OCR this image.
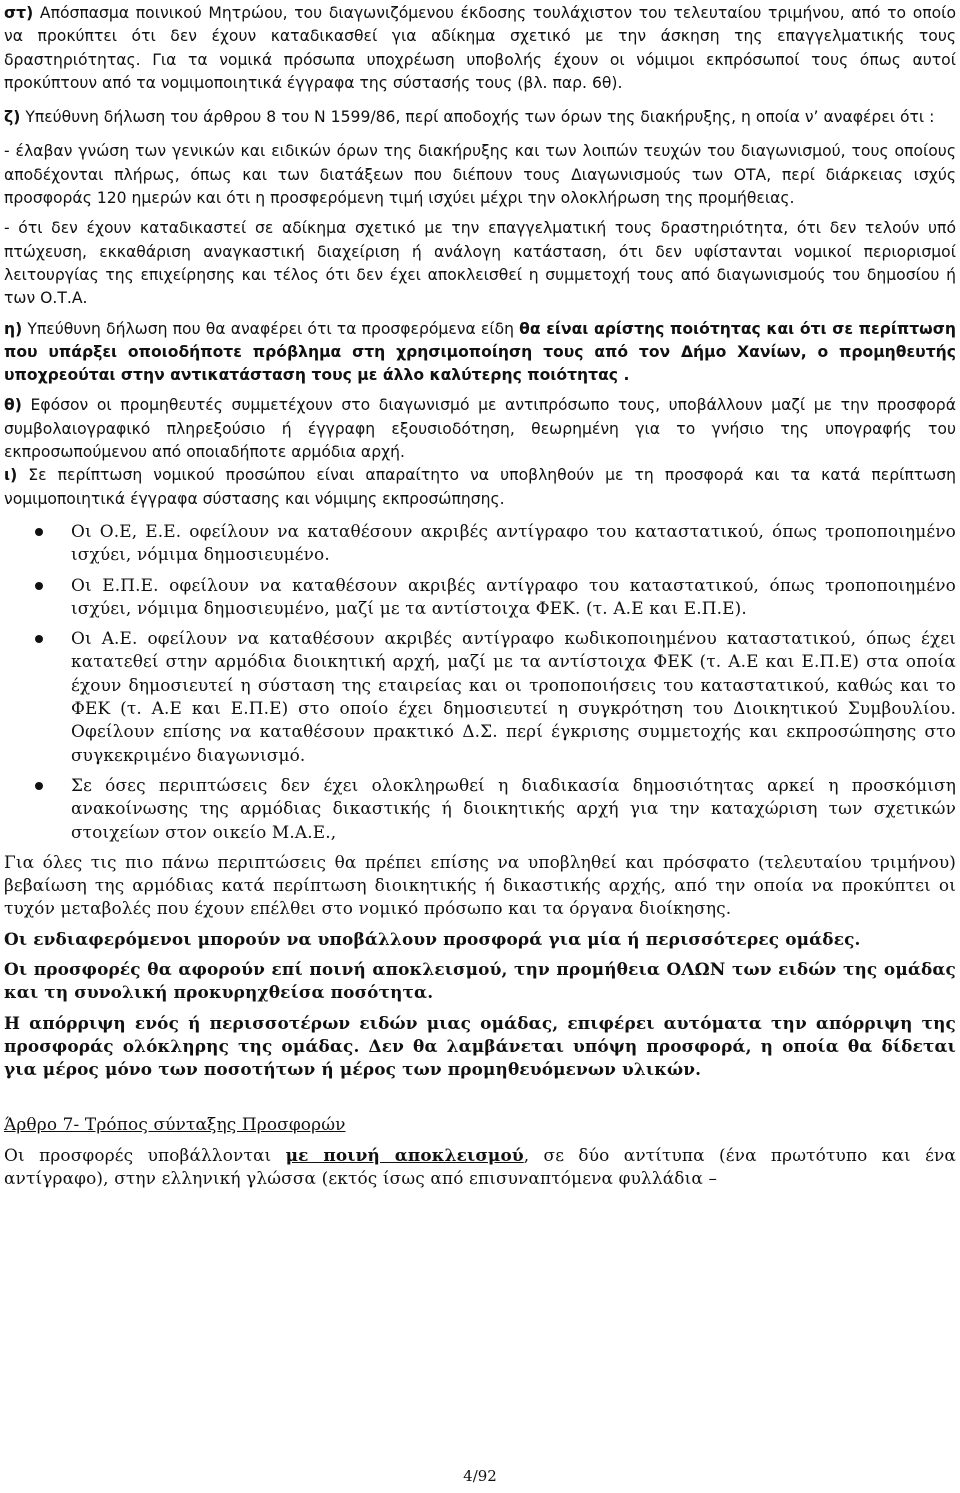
στ) Απόσπασμα ποινικού Μητρώου, του διαγωνιζόμενου έκδοσης τουλάχιστον του τελευταίου τριμήνου, από το οποίο να προκύπτει ότι δεν έχουν καταδικασθεί για αδίκημα σχετικό με την άσκηση της επαγγελματικής τους δραστηριότητας. Για τα νομικά πρόσωπα υποχρέωση υποβολής έχουν οι νόμιμοι εκπρόσωποί τους όπως αυτοί προκύπτουν από τα νομιμοποιητικά έγγραφα της σύστασής τους (βλ. παρ. 6θ).

ζ) Υπεύθυνη δήλωση του άρθρου 8 του Ν 1599/86, περί αποδοχής των όρων της διακήρυξης, η οποία ν’ αναφέρει ότι :

- έλαβαν γνώση των γενικών και ειδικών όρων της διακήρυξης και των λοιπών τευχών του διαγωνισμού, τους οποίους αποδέχονται πλήρως, όπως και των διατάξεων που διέπουν τους Διαγωνισμούς των ΟΤΑ, περί διάρκειας ισχύς προσφοράς 120 ημερών και ότι η προσφερόμενη τιμή ισχύει μέχρι την ολοκλήρωση της προμήθειας.

- ότι δεν έχουν καταδικαστεί σε αδίκημα σχετικό με την επαγγελματική τους δραστηριότητα, ότι δεν τελούν υπό πτώχευση, εκκαθάριση αναγκαστική διαχείριση ή ανάλογη κατάσταση, ότι δεν υφίστανται νομικοί περιορισμοί λειτουργίας της επιχείρησης και τέλος ότι δεν έχει αποκλεισθεί η συμμετοχή τους από διαγωνισμούς του δημοσίου ή των Ο.Τ.Α.

η) Υπεύθυνη δήλωση που θα αναφέρει ότι τα προσφερόμενα είδη θα είναι αρίστης ποιότητας και ότι σε περίπτωση που υπάρξει οποιοδήποτε πρόβλημα στη χρησιμοποίηση τους από τον Δήμο Χανίων, ο προμηθευτής υποχρεούται στην αντικατάσταση τους με άλλο καλύτερης ποιότητας .

θ) Εφόσον οι προμηθευτές συμμετέχουν στο διαγωνισμό με αντιπρόσωπο τους, υποβάλλουν μαζί με την προσφορά συμβολαιογραφικό πληρεξούσιο ή έγγραφη εξουσιοδότηση, θεωρημένη για το γνήσιο της υπογραφής του εκπροσωπούμενου από οποιαδήποτε αρμόδια αρχή.

ι) Σε περίπτωση νομικού προσώπου είναι απαραίτητο να υποβληθούν με τη προσφορά και τα κατά περίπτωση νομιμοποιητικά έγγραφα σύστασης και νόμιμης εκπροσώπησης.

Οι Ο.Ε, Ε.Ε. οφείλουν να καταθέσουν ακριβές αντίγραφο του καταστατικού, όπως τροποποιημένο ισχύει, νόμιμα δημοσιευμένο.
Οι Ε.Π.Ε. οφείλουν να καταθέσουν ακριβές αντίγραφο του καταστατικού, όπως τροποποιημένο ισχύει, νόμιμα δημοσιευμένο, μαζί με τα αντίστοιχα ΦΕΚ. (τ. Α.Ε και Ε.Π.Ε).
Οι Α.Ε. οφείλουν να καταθέσουν ακριβές αντίγραφο κωδικοποιημένου καταστατικού, όπως έχει κατατεθεί στην αρμόδια διοικητική αρχή, μαζί με τα αντίστοιχα ΦΕΚ (τ. Α.Ε και Ε.Π.Ε) στα οποία έχουν δημοσιευτεί η σύσταση της εταιρείας και οι τροποποιήσεις του καταστατικού, καθώς και το ΦΕΚ (τ. Α.Ε και Ε.Π.Ε) στο οποίο έχει δημοσιευτεί η συγκρότηση του Διοικητικού Συμβουλίου. Οφείλουν επίσης να καταθέσουν πρακτικό Δ.Σ. περί έγκρισης συμμετοχής και εκπροσώπησης στο συγκεκριμένο διαγωνισμό.
Σε όσες περιπτώσεις δεν έχει ολοκληρωθεί η διαδικασία δημοσιότητας αρκεί η προσκόμιση ανακοίνωσης της αρμόδιας δικαστικής ή διοικητικής αρχή για την καταχώριση των σχετικών στοιχείων στον οικείο Μ.Α.Ε.,

Για όλες τις πιο πάνω περιπτώσεις θα πρέπει επίσης να υποβληθεί και πρόσφατο (τελευταίου τριμήνου) βεβαίωση της αρμόδιας κατά περίπτωση διοικητικής ή δικαστικής αρχής, από την οποία να προκύπτει οι τυχόν μεταβολές που έχουν επέλθει στο νομικό πρόσωπο και τα όργανα διοίκησης.

Οι ενδιαφερόμενοι μπορούν να υποβάλλουν προσφορά για μία ή περισσότερες ομάδες.

Οι προσφορές θα αφορούν επί ποινή αποκλεισμού, την προμήθεια ΟΛΩΝ των ειδών της ομάδας και τη συνολική προκυρηχθείσα ποσότητα.

Η απόρριψη ενός ή περισσοτέρων ειδών μιας ομάδας, επιφέρει αυτόματα την απόρριψη της προσφοράς ολόκληρης της ομάδας. Δεν θα λαμβάνεται υπόψη προσφορά, η οποία θα δίδεται για μέρος μόνο των ποσοτήτων ή μέρος των προμηθευόμενων υλικών.

Άρθρο 7- Τρόπος σύνταξης Προσφορών

Οι προσφορές υποβάλλονται με ποινή αποκλεισμού, σε δύο αντίτυπα (ένα πρωτότυπο και ένα αντίγραφο), στην ελληνική γλώσσα (εκτός ίσως από επισυναπτόμενα φυλλάδια –

4/92
